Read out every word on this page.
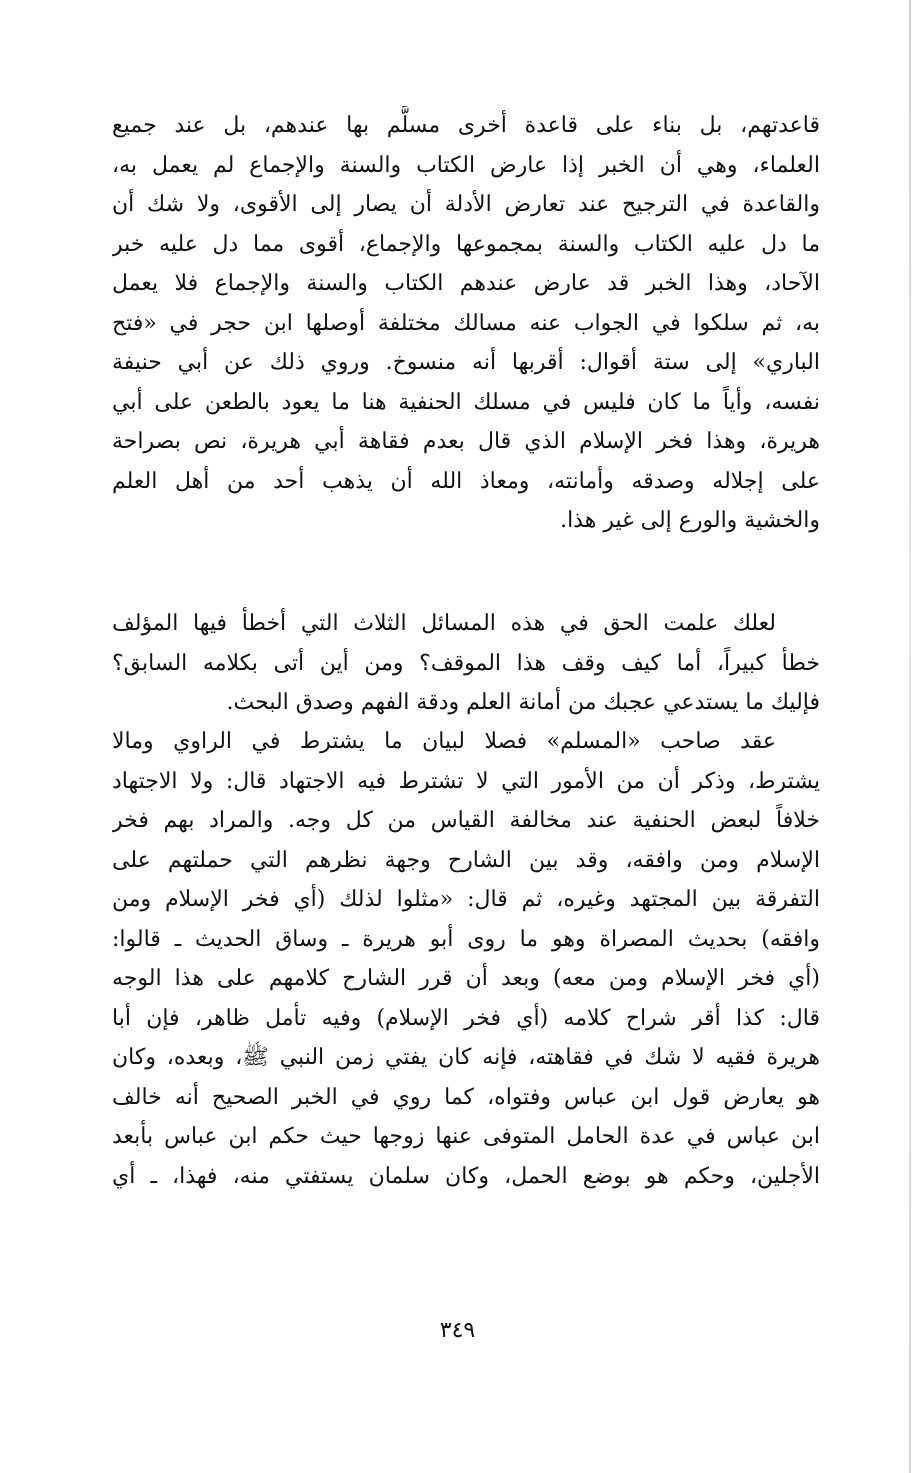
قاعدتهم، بل بناء على قاعدة أخرى مسلَّم بها عندهم، بل عند جميع
العلماء، وهي أن الخبر إذا عارض الكتاب والسنة والإجماع لم يعمل به،
والقاعدة في الترجيح عند تعارض الأدلة أن يصار إلى الأقوى، ولا شك أن
ما دل عليه الكتاب والسنة بمجموعها والإجماع، أقوى مما دل عليه خبر
الآحاد، وهذا الخبر قد عارض عندهم الكتاب والسنة والإجماع فلا يعمل
به، ثم سلكوا في الجواب عنه مسالك مختلفة أوصلها ابن حجر في «فتح
الباري» إلى ستة أقوال: أقربها أنه منسوخ. وروي ذلك عن أبي حنيفة
نفسه، وأياً ما كان فليس في مسلك الحنفية هنا ما يعود بالطعن على أبي
هريرة، وهذا فخر الإسلام الذي قال بعدم فقاهة أبي هريرة، نص بصراحة
على إجلاله وصدقه وأمانته، ومعاذ الله أن يذهب أحد من أهل العلم
والخشية والورع إلى غير هذا.
لعلك علمت الحق في هذه المسائل الثلاث التي أخطأ فيها المؤلف
خطأ كبيراً، أما كيف وقف هذا الموقف؟ ومن أين أتى بكلامه السابق؟
فإليك ما يستدعي عجبك من أمانة العلم ودقة الفهم وصدق البحث.
عقد صاحب «المسلم» فصلا لبيان ما يشترط في الراوي ومالا
يشترط، وذكر أن من الأمور التي لا تشترط فيه الاجتهاد قال: ولا الاجتهاد
خلافاً لبعض الحنفية عند مخالفة القياس من كل وجه. والمراد بهم فخر
الإسلام ومن وافقه، وقد بين الشارح وجهة نظرهم التي حملتهم على
التفرقة بين المجتهد وغيره، ثم قال: «مثلوا لذلك (أي فخر الإسلام ومن
وافقه) بحديث المصراة وهو ما روى أبو هريرة ـ وساق الحديث ـ قالوا:
(أي فخر الإسلام ومن معه) وبعد أن قرر الشارح كلامهم على هذا الوجه
قال: كذا أقر شراح كلامه (أي فخر الإسلام) وفيه تأمل ظاهر، فإن أبا
هريرة فقيه لا شك في فقاهته، فإنه كان يفتي زمن النبي ﷺ، وبعده، وكان
هو يعارض قول ابن عباس وفتواه، كما روي في الخبر الصحيح أنه خالف
ابن عباس في عدة الحامل المتوفى عنها زوجها حيث حكم ابن عباس بأبعد
الأجلين، وحكم هو بوضع الحمل، وكان سلمان يستفتي منه، فهذا، ـ أي
٣٤٩
